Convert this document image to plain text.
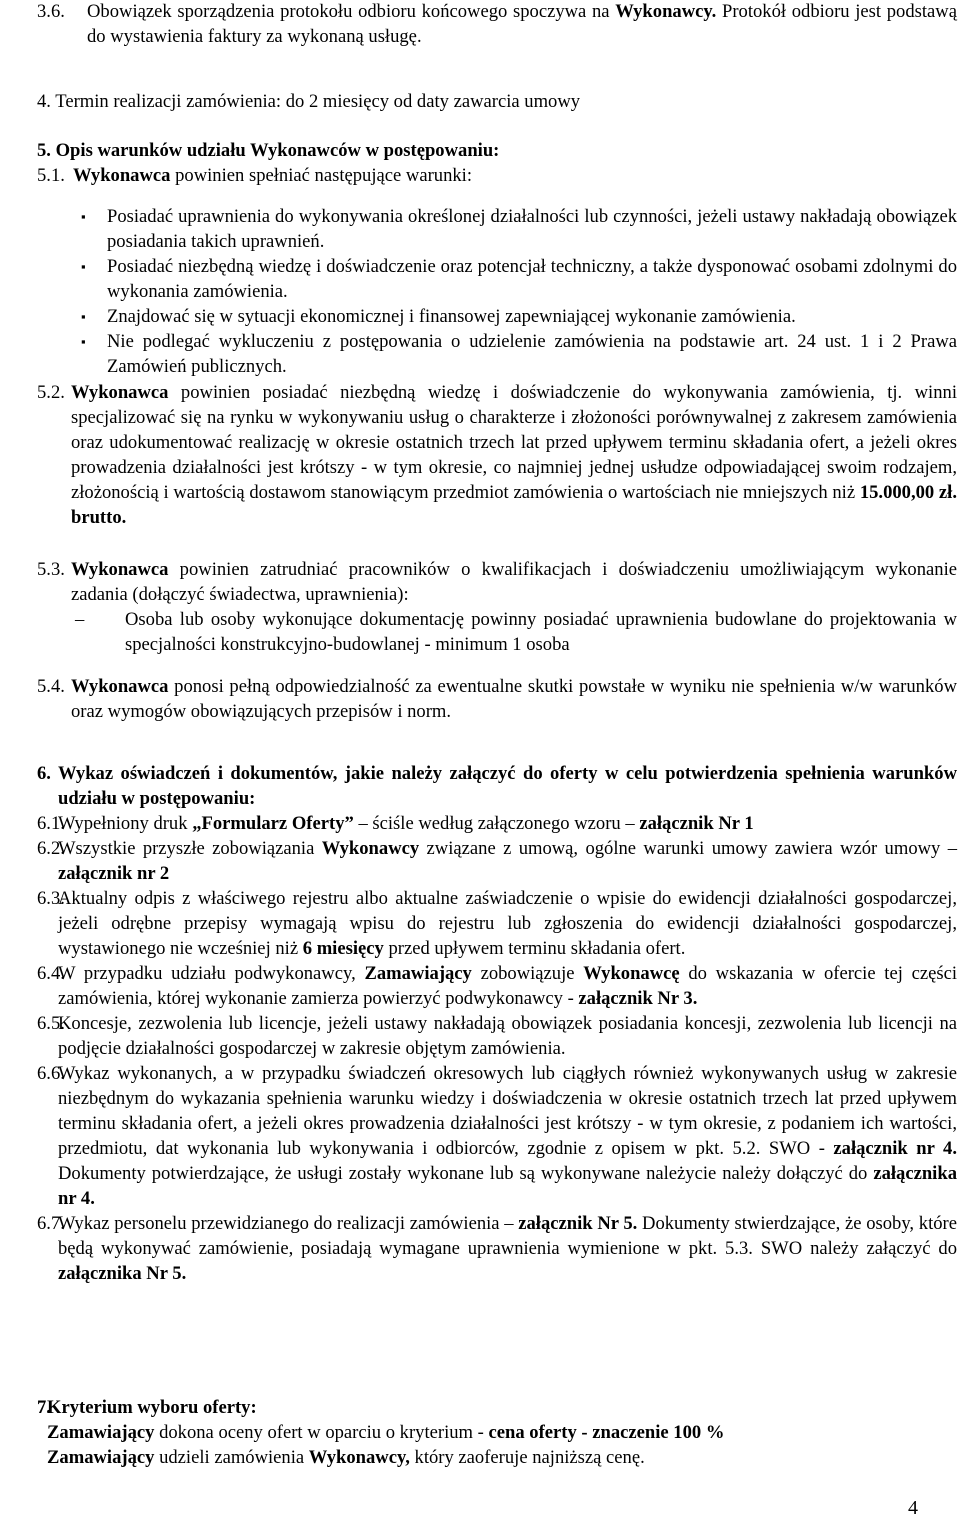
3.6.	Obowiązek sporządzenia protokołu odbioru końcowego spoczywa na Wykonawcy. Protokół odbioru jest podstawą do wystawienia faktury za wykonaną usługę.
4. Termin realizacji zamówienia: do 2 miesięcy od daty zawarcia umowy
5. Opis warunków udziału Wykonawców w postępowaniu:
5.1. Wykonawca powinien spełniać następujące warunki:
▪	Posiadać uprawnienia do wykonywania określonej działalności lub czynności, jeżeli ustawy nakładają obowiązek posiadania takich uprawnień.
▪	Posiadać niezbędną wiedzę i doświadczenie oraz potencjał techniczny, a także dysponować osobami zdolnymi do wykonania zamówienia.
▪	Znajdować się w sytuacji ekonomicznej i finansowej zapewniającej wykonanie zamówienia.
▪	Nie podlegać wykluczeniu z postępowania o udzielenie zamówienia na podstawie art. 24 ust. 1 i 2 Prawa Zamówień publicznych.
5.2. Wykonawca powinien posiadać niezbędną wiedzę i doświadczenie do wykonywania zamówienia, tj. winni specjalizować się na rynku w wykonywaniu usług o charakterze i złożoności porównywalnej z zakresem zamówienia oraz udokumentować realizację w okresie ostatnich trzech lat przed upływem terminu składania ofert, a jeżeli okres prowadzenia działalności jest krótszy - w tym okresie, co najmniej jednej usłudze odpowiadającej swoim rodzajem, złożonością i wartością dostawom stanowiącym przedmiot zamówienia o wartościach nie mniejszych niż 15.000,00 zł. brutto.
5.3. Wykonawca powinien zatrudniać pracowników o kwalifikacjach i doświadczeniu umożliwiającym wykonanie zadania (dołączyć świadectwa, uprawnienia):
–	Osoba lub osoby wykonujące dokumentację powinny posiadać uprawnienia budowlane do projektowania w specjalności konstrukcyjno-budowlanej - minimum 1 osoba
5.4. Wykonawca ponosi pełną odpowiedzialność za ewentualne skutki powstałe w wyniku nie spełnienia w/w warunków oraz wymogów obowiązujących przepisów i norm.
6. Wykaz oświadczeń i dokumentów, jakie należy załączyć do oferty w celu potwierdzenia spełnienia warunków udziału w postępowaniu:
6.1.
Wypełniony druk „Formularz Oferty” – ściśle według załączonego wzoru – załącznik Nr 1
6.2.
Wszystkie przyszłe zobowiązania Wykonawcy związane z umową, ogólne warunki umowy zawiera wzór umowy – załącznik nr 2
6.3.
Aktualny odpis z właściwego rejestru albo aktualne zaświadczenie o wpisie do ewidencji działalności gospodarczej, jeżeli odrębne przepisy wymagają wpisu do rejestru lub zgłoszenia do ewidencji działalności gospodarczej, wystawionego nie wcześniej niż 6 miesięcy przed upływem terminu składania ofert.
6.4.
W przypadku udziału podwykonawcy, Zamawiający zobowiązuje Wykonawcę do wskazania w ofercie tej części zamówienia, której wykonanie zamierza powierzyć podwykonawcy - załącznik Nr 3.
6.5.
Koncesje, zezwolenia lub licencje, jeżeli ustawy nakładają obowiązek posiadania koncesji, zezwolenia lub licencji na podjęcie działalności gospodarczej w zakresie objętym zamówienia.
6.6.
Wykaz wykonanych, a w przypadku świadczeń okresowych lub ciągłych również wykonywanych usług w zakresie niezbędnym do wykazania spełnienia warunku wiedzy i doświadczenia w okresie ostatnich trzech lat przed upływem terminu składania ofert, a jeżeli okres prowadzenia działalności jest krótszy - w tym okresie, z podaniem ich wartości, przedmiotu, dat wykonania lub wykonywania i odbiorców, zgodnie z opisem w pkt. 5.2. SWO - załącznik nr 4. Dokumenty potwierdzające, że usługi zostały wykonane lub są wykonywane należycie należy dołączyć do załącznika nr 4.
6.7.
Wykaz personelu przewidzianego do realizacji zamówienia – załącznik Nr 5. Dokumenty stwierdzające, że osoby, które będą wykonywać zamówienie, posiadają wymagane uprawnienia wymienione w pkt. 5.3. SWO należy załączyć do załącznika Nr 5.
7.
Kryterium wyboru oferty:
Zamawiający dokona oceny ofert w oparciu o kryterium - cena oferty - znaczenie 100 %
Zamawiający udzieli zamówienia Wykonawcy, który zaoferuje najniższą cenę.
4
